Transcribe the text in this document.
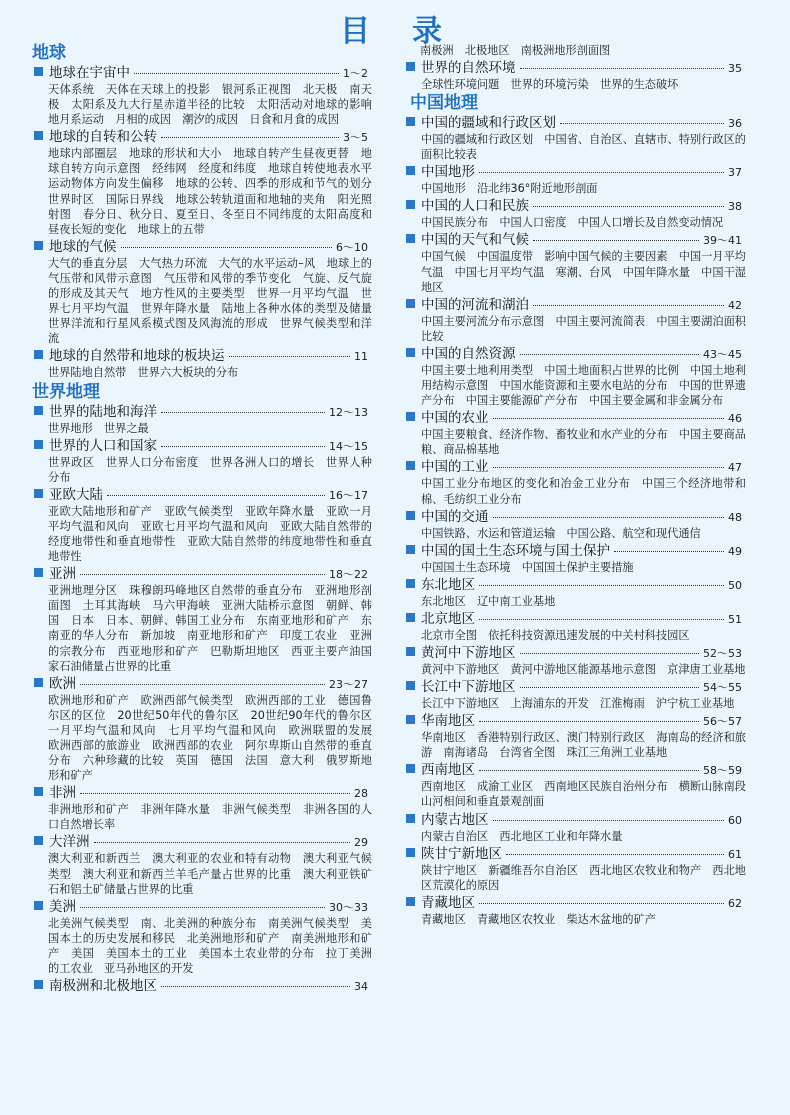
目 录
地球
地球在宇宙中	1～2
天体系统　天体在天球上的投影　银河系正视图　北天极　南天极　太阳系及九大行星赤道半径的比较　太阳活动对地球的影响　地月系运动　月相的成因　潮汐的成因　日食和月食的成因
地球的自转和公转	3～5
地球内部圈层　地球的形状和大小　地球自转产生昼夜更替　地球自转方向示意图　经纬网　经度和纬度　地球自转使地表水平运动物体方向发生偏移　地球的公转、四季的形成和节气的划分　世界时区　国际日界线　地球公转轨道面和地轴的夹角　阳光照射图　春分日、秋分日、夏至日、冬至日不同纬度的太阳高度和昼夜长短的变化　地球上的五带
地球的气候	6～10
大气的垂直分层　大气热力环流　大气的水平运动–风　地球上的气压带和风带示意图　气压带和风带的季节变化　气旋、反气旋的形成及其天气　地方性风的主要类型　世界一月平均气温　世界七月平均气温　世界年降水量　陆地上各种水体的类型及储量　世界洋流和行星风系模式图及风海流的形成　世界气候类型和洋流
地球的自然带和地球的板块运	11
世界陆地自然带　世界六大板块的分布
世界地理
世界的陆地和海洋	12～13
世界地形　世界之最
世界的人口和国家	14～15
世界政区　世界人口分布密度　世界各洲人口的增长　世界人种分布
亚欧大陆	16～17
亚欧大陆地形和矿产　亚欧气候类型　亚欧年降水量　亚欧一月平均气温和风向　亚欧七月平均气温和风向　亚欧大陆自然带的经度地带性和垂直地带性　亚欧大陆自然带的纬度地带性和垂直地带性
亚洲	18～22
亚洲地理分区　珠穆朗玛峰地区自然带的垂直分布　亚洲地形剖面图　土耳其海峡　马六甲海峡　亚洲大陆桥示意图　朝鲜、韩国　日本　日本、朝鲜、韩国工业分布　东南亚地形和矿产　东南亚的华人分布　新加坡　南亚地形和矿产　印度工农业　亚洲的宗教分布　西亚地形和矿产　巴勒斯坦地区　西亚主要产油国家石油储量占世界的比重
欧洲	23～27
欧洲地形和矿产　欧洲西部气候类型　欧洲西部的工业　德国鲁尔区的区位　20世纪50年代的鲁尔区　20世纪90年代的鲁尔区　一月平均气温和风向　七月平均气温和风向　欧洲联盟的发展　欧洲西部的旅游业　欧洲西部的农业　阿尔卑斯山自然带的垂直分布　六种珍藏的比较　英国　德国　法国　意大利　俄罗斯地形和矿产
非洲	28
非洲地形和矿产　非洲年降水量　非洲气候类型　非洲各国的人口自然增长率
大洋洲	29
澳大利亚和新西兰　澳大利亚的农业和特有动物　澳大利亚气候类型　澳大利亚和新西兰羊毛产量占世界的比重　澳大利亚铁矿石和铝土矿储量占世界的比重
美洲	30～33
北美洲气候类型　南、北美洲的种族分布　南美洲气候类型　美国本土的历史发展和移民　北美洲地形和矿产　南美洲地形和矿产　美国　美国本土的工业　美国本土农业带的分布　拉丁美洲的工农业　亚马孙地区的开发
南极洲和北极地区	34
南极洲　北极地区　南极洲地形剖面图
世界的自然环境	35
全球性环境问题　世界的环境污染　世界的生态破坏
中国地理
中国的疆域和行政区划	36
中国的疆域和行政区划　中国省、自治区、直辖市、特别行政区的面积比较表
中国地形	37
中国地形　沿北纬36°附近地形剖面
中国的人口和民族	38
中国民族分布　中国人口密度　中国人口增长及自然变动情况
中国的天气和气候	39～41
中国气候　中国温度带　影响中国气候的主要因素　中国一月平均气温　中国七月平均气温　寒潮、台风　中国年降水量　中国干湿地区
中国的河流和湖泊	42
中国主要河流分布示意图　中国主要河流简表　中国主要湖泊面积比较
中国的自然资源	43～45
中国主要土地利用类型　中国土地面积占世界的比例　中国土地利用结构示意图　中国水能资源和主要水电站的分布　中国的世界遗产分布　中国主要能源矿产分布　中国主要金属和非金属分布
中国的农业	46
中国主要粮食、经济作物、畜牧业和水产业的分布　中国主要商品粮、商品棉基地
中国的工业	47
中国工业分布地区的变化和冶金工业分布　中国三个经济地带和棉、毛纺织工业分布
中国的交通	48
中国铁路、水运和管道运输　中国公路、航空和现代通信
中国的国土生态环境与国土保护	49
中国国土生态环境　中国国土保护主要措施
东北地区	50
东北地区　辽中南工业基地
北京地区	51
北京市全图　依托科技资源迅速发展的中关村科技园区
黄河中下游地区	52～53
黄河中下游地区　黄河中游地区能源基地示意图　京津唐工业基地
长江中下游地区	54～55
长江中下游地区　上海浦东的开发　江淮梅雨　沪宁杭工业基地
华南地区	56～57
华南地区　香港特别行政区、澳门特别行政区　海南岛的经济和旅游　南海诸岛　台湾省全图　珠江三角洲工业基地
西南地区	58～59
西南地区　成渝工业区　西南地区民族自治州分布　横断山脉南段山河相间和垂直景观剖面
内蒙古地区	60
内蒙古自治区　西北地区工业和年降水量
陕甘宁新地区	61
陕甘宁地区　新疆维吾尔自治区　西北地区农牧业和物产　西北地区荒漠化的原因
青藏地区	62
青藏地区　青藏地区农牧业　柴达木盆地的矿产
